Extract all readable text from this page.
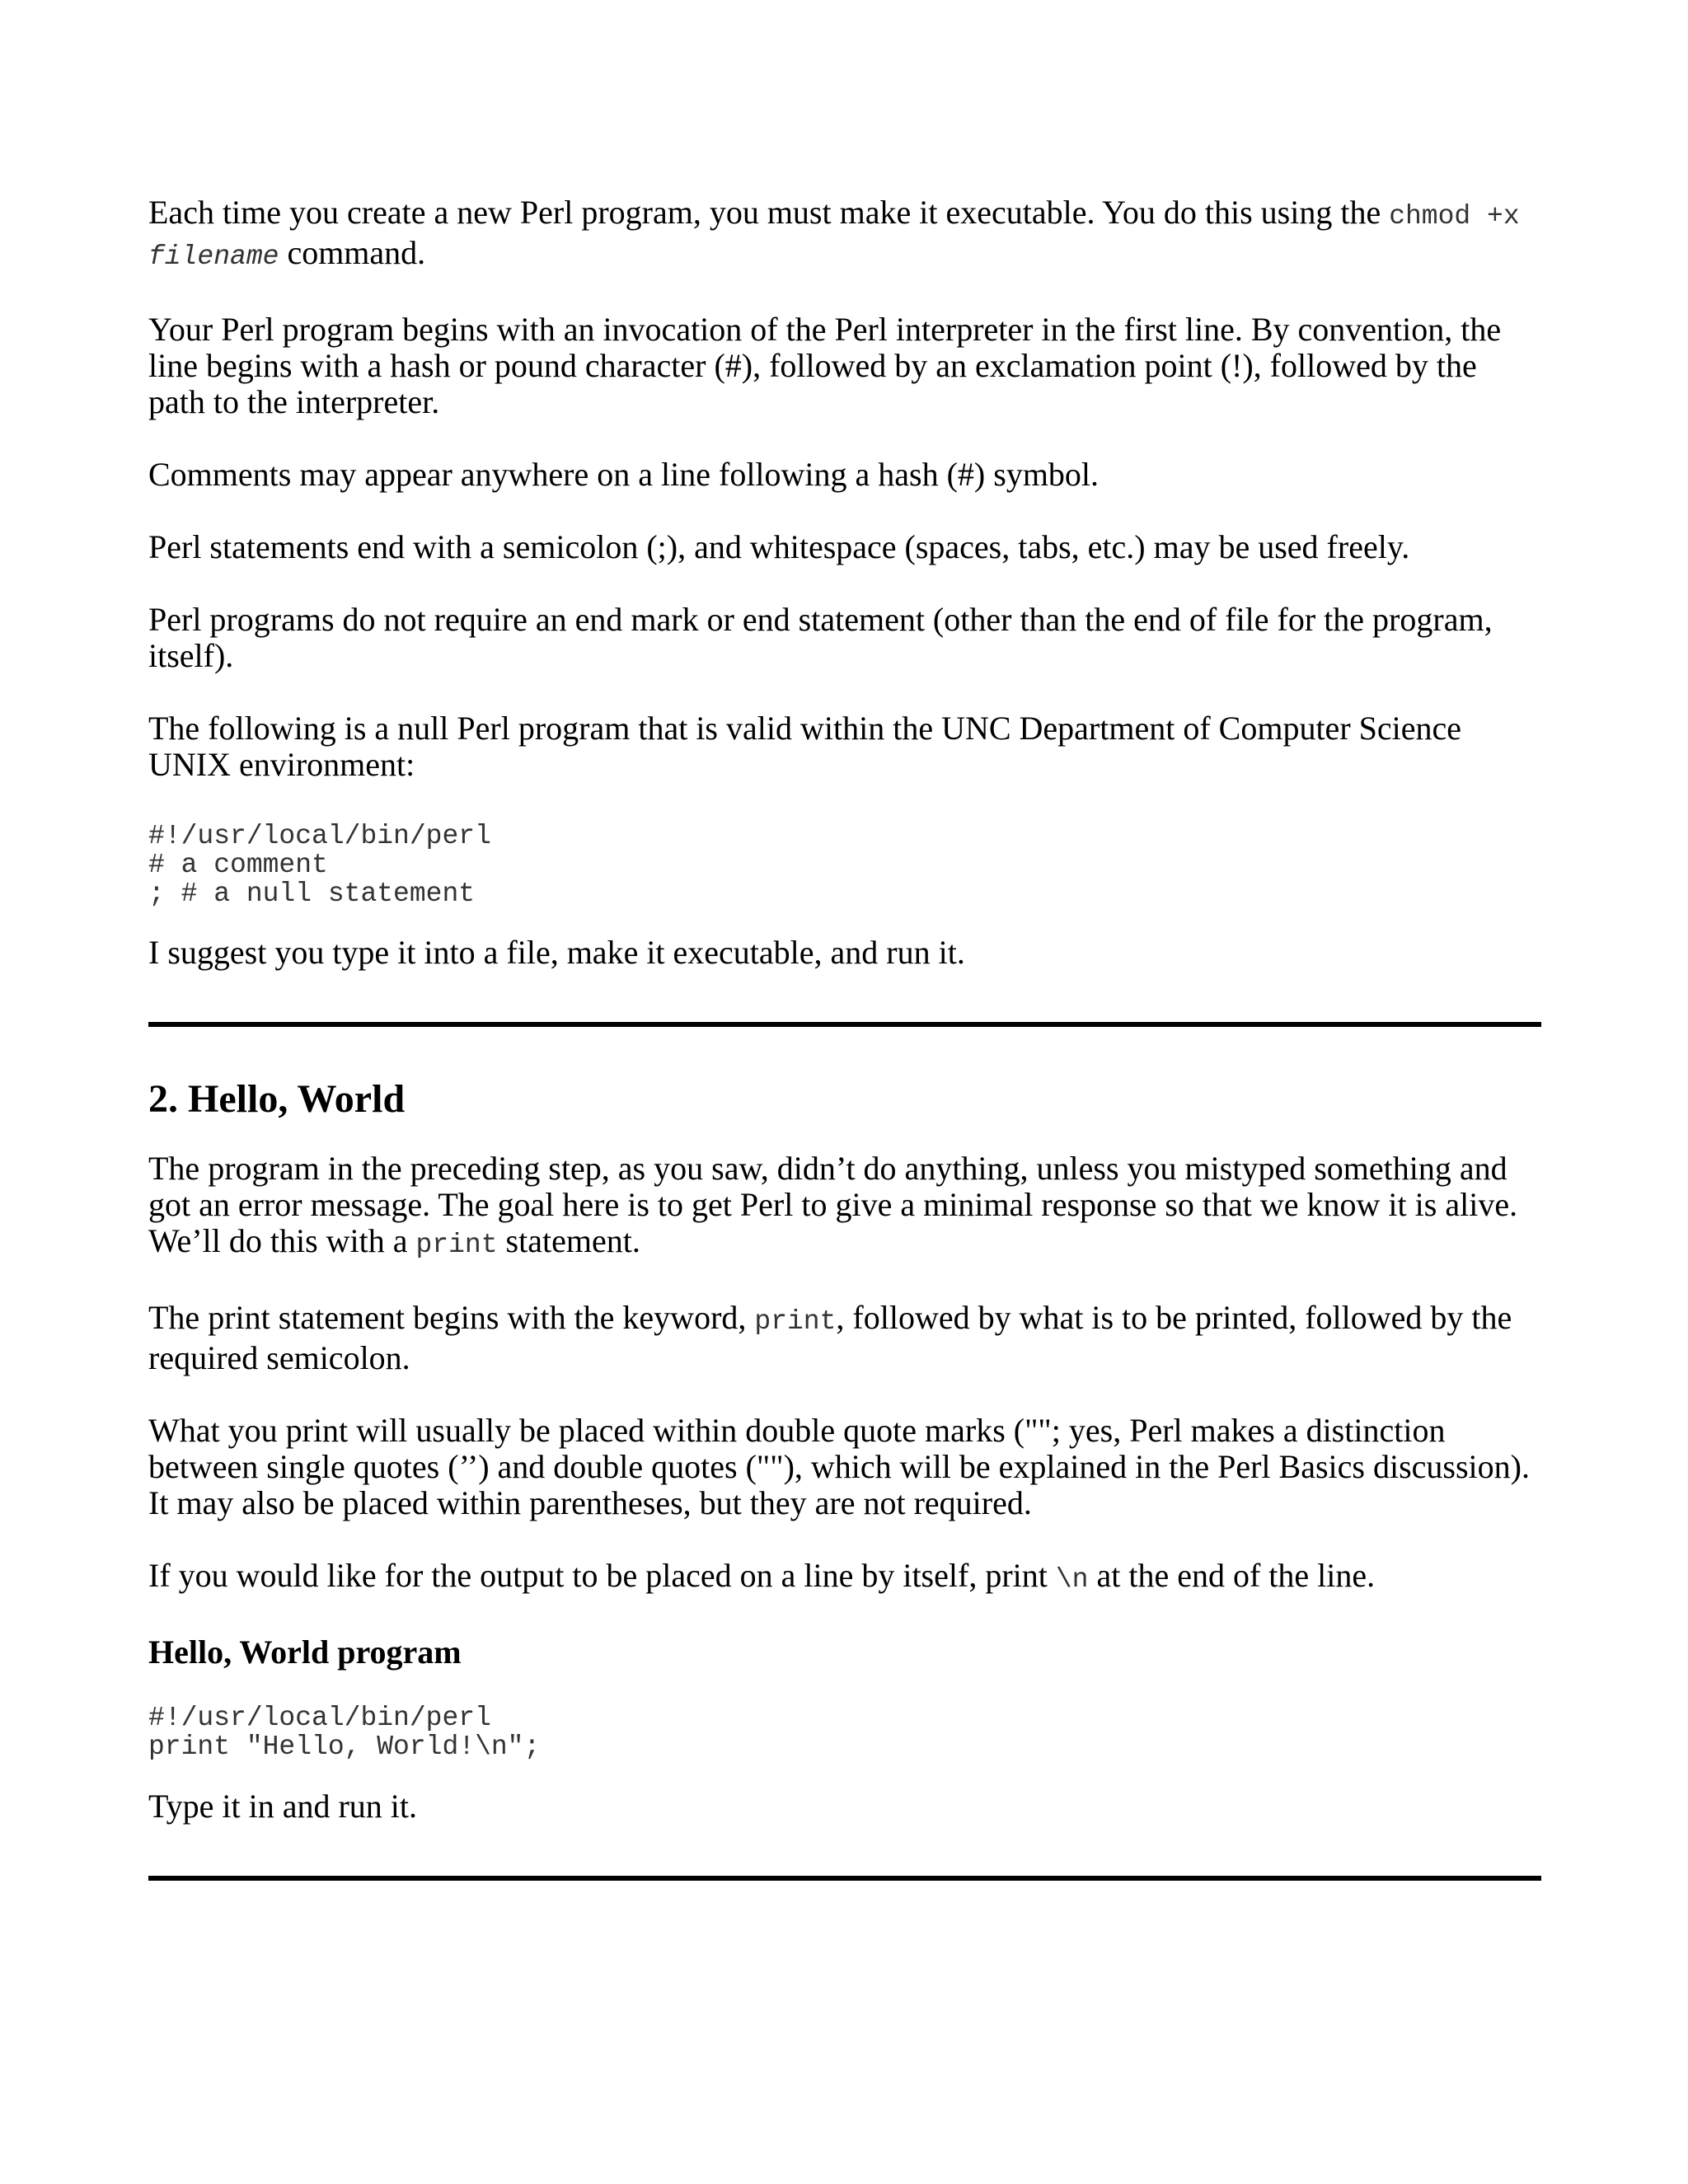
Each time you create a new Perl program, you must make it executable. You do this using the chmod +x
filename command.

Your Perl program begins with an invocation of the Perl interpreter in the first line. By convention, the line begins with a hash or pound character (#), followed by an exclamation point (!), followed by the path to the interpreter.

Comments may appear anywhere on a line following a hash (#) symbol.

Perl statements end with a semicolon (;), and whitespace (spaces, tabs, etc.) may be used freely.

Perl programs do not require an end mark or end statement (other than the end of file for the program, itself).

The following is a null Perl program that is valid within the UNC Department of Computer Science UNIX environment:

#!/usr/local/bin/perl
# a comment
; # a null statement

I suggest you type it into a file, make it executable, and run it.

2. Hello, World

The program in the preceding step, as you saw, didn’t do anything, unless you mistyped something and got an error message. The goal here is to get Perl to give a minimal response so that we know it is alive. We’ll do this with a print statement.

The print statement begins with the keyword, print, followed by what is to be printed, followed by the required semicolon.

What you print will usually be placed within double quote marks (""; yes, Perl makes a distinction between single quotes (’’) and double quotes (""), which will be explained in the Perl Basics discussion). It may also be placed within parentheses, but they are not required.

If you would like for the output to be placed on a line by itself, print \n at the end of the line.

Hello, World program
#!/usr/local/bin/perl
print "Hello, World!\n";

Type it in and run it.
